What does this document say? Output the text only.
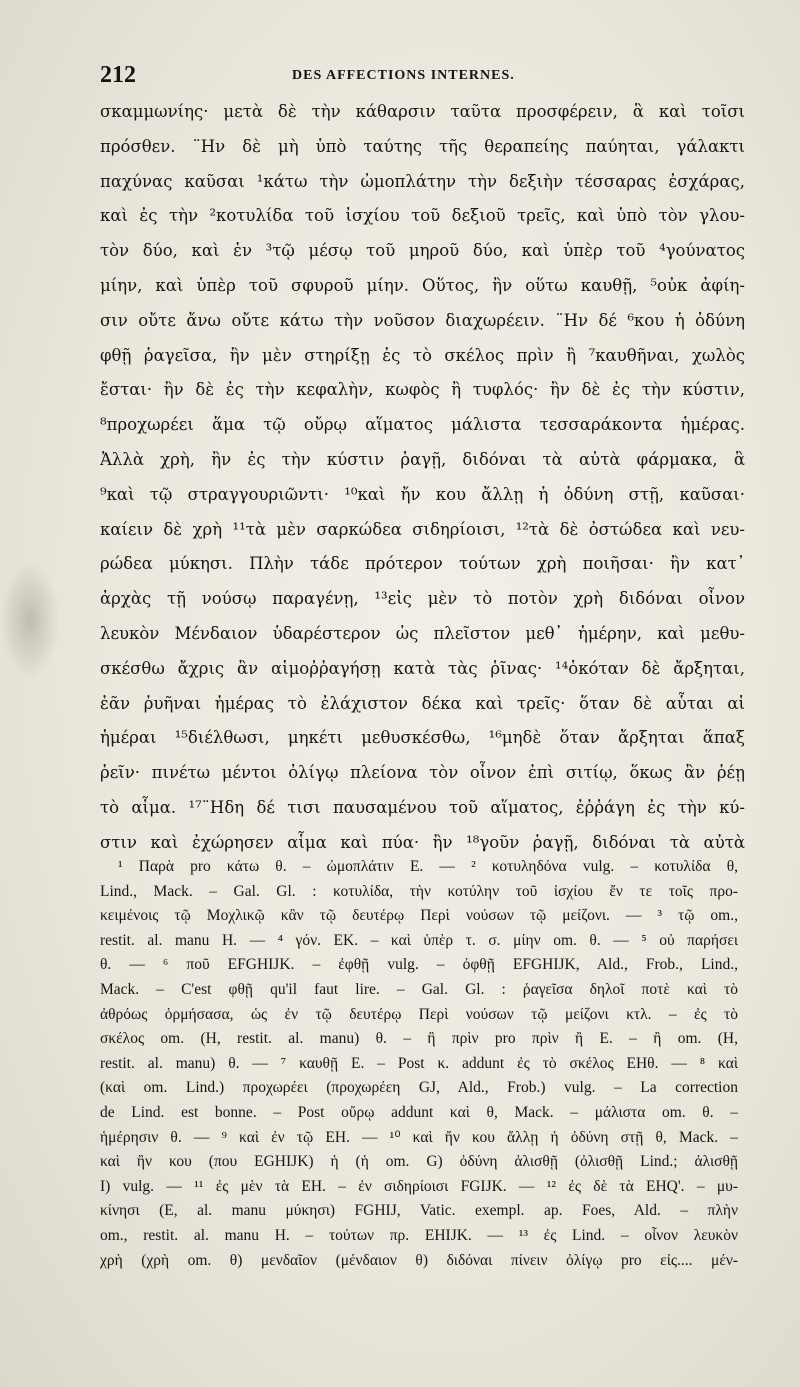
212	DES AFFECTIONS INTERNES.
σκαμμωνίης· μετὰ δὲ τὴν κάθαρσιν ταῦτα προσφέρειν, ἃ καὶ τοῖσι
πρόσθεν. ¨Ην δὲ μὴ ὑπὸ ταύτης τῆς θεραπείης παύηται, γάλακτι
παχύνας καῦσαι ¹κάτω τὴν ὠμοπλάτην τὴν δεξιὴν τέσσαρας ἐσχάρας,
καὶ ἐς τὴν ²κοτυλίδα τοῦ ἰσχίου τοῦ δεξιοῦ τρεῖς, καὶ ὑπὸ τὸν γλου-
τὸν δύο, καὶ ἐν ³τῷ μέσῳ τοῦ μηροῦ δύο, καὶ ὑπὲρ τοῦ ⁴γούνατος
μίην, καὶ ὑπὲρ τοῦ σφυροῦ μίην. Οὕτος, ἢν οὕτω καυθῇ, ⁵οὐκ ἀφίη-
σιν οὔτε ἄνω οὔτε κάτω τὴν νοῦσον διαχωρέειν. ¨Ην δέ ⁶κου ἡ ὀδύνη
φθῇ ῥαγεῖσα, ἢν μὲν στηρίξῃ ἐς τὸ σκέλος πρὶν ἢ ⁷καυθῆναι, χωλὸς
ἔσται· ἢν δὲ ἐς τὴν κεφαλὴν, κωφὸς ἢ τυφλός· ἢν δὲ ἐς τὴν κύστιν,
⁸προχωρέει ἅμα τῷ οὔρῳ αἵματος μάλιστα τεσσαράκοντα ἡμέρας.
Ἀλλὰ χρὴ, ἢν ἐς τὴν κύστιν ῥαγῇ, διδόναι τὰ αὐτὰ φάρμακα, ἃ
⁹καὶ τῷ στραγγουριῶντι· ¹⁰καὶ ἤν κου ἄλλῃ ἡ ὀδύνη στῇ, καῦσαι·
καίειν δὲ χρὴ ¹¹τὰ μὲν σαρκώδεα σιδηρίοισι, ¹²τὰ δὲ ὀστώδεα καὶ νευ-
ρώδεα μύκησι. Πλὴν τάδε πρότερον τούτων χρὴ ποιῆσαι· ἢν κατ᾿
ἀρχὰς τῇ νούσῳ παραγένῃ, ¹³εἰς μὲν τὸ ποτὸν χρὴ διδόναι οἶνον
λευκὸν Μένδαιον ὑδαρέστερον ὡς πλεῖστον μεθ᾿ ἡμέρην, καὶ μεθυ-
σκέσθω ἄχρις ἂν αἱμοῤῥαγήσῃ κατὰ τὰς ῥῖνας· ¹⁴ὁκόταν δὲ ἄρξηται,
ἐᾶν ῥυῆναι ἡμέρας τὸ ἐλάχιστον δέκα καὶ τρεῖς· ὅταν δὲ αὗται αἱ
ἡμέραι ¹⁵διέλθωσι, μηκέτι μεθυσκέσθω, ¹⁶μηδὲ ὅταν ἄρξηται ἅπαξ
ῥεῖν· πινέτω μέντοι ὀλίγῳ πλείονα τὸν οἶνον ἐπὶ σιτίῳ, ὅκως ἂν ῥέῃ
τὸ αἷμα. ¹⁷¨Ηδη δέ τισι παυσαμένου τοῦ αἵματος, ἐῤῥάγη ἐς τὴν κύ-
στιν καὶ ἐχώρησεν αἷμα καὶ πύα· ἢν ¹⁸γοῦν ῥαγῇ, διδόναι τὰ αὐτὰ
¹ Παρὰ pro κάτω θ. – ὠμοπλάτιν E. — ² κοτυληδόνα vulg. – κοτυλίδα θ,
Lind., Mack. – Gal. Gl. : κοτυλίδα, τὴν κοτύλην τοῦ ἰσχίου ἔν τε τοῖς προ-
κειμένοις τῷ Μοχλικῷ κἂν τῷ δευτέρῳ Περὶ νούσων τῷ μείζονι. — ³ τῷ om.,
restit. al. manu H. — ⁴ γόν. EK. – καὶ ὑπὲρ τ. σ. μίην om. θ. — ⁵ οὐ παρήσει
θ. — ⁶ ποῦ EFGHIJK. – ἐφθῇ vulg. – ὀφθῇ EFGHIJK, Ald., Frob., Lind.,
Mack. – C'est φθῇ qu'il faut lire. – Gal. Gl. : ῥαγεῖσα δηλοῖ ποτὲ καὶ τὸ
ἀθρόως ὁρμήσασα, ὡς ἐν τῷ δευτέρῳ Περὶ νούσων τῷ μείζονι κτλ. – ἐς τὸ
σκέλος om. (H, restit. al. manu) θ. – ἢ πρὶν pro πρὶν ἢ E. – ἢ om. (H,
restit. al. manu) θ. — ⁷ καυθῇ E. – Post κ. addunt ἐς τὸ σκέλος EHθ. — ⁸ καὶ
(καὶ om. Lind.) προχωρέει (προχωρέεη GJ, Ald., Frob.) vulg. – La correction
de Lind. est bonne. – Post οὔρῳ addunt καὶ θ, Mack. – μάλιστα om. θ. –
ἡμέρησιν θ. — ⁹ καὶ ἐν τῷ EH. — ¹⁰ καὶ ἤν κου ἄλλῃ ἡ ὀδύνη στῇ θ, Mack. –
καὶ ἢν κου (που EGHIJK) ἡ (ἡ om. G) ὀδύνη ἀλισθῇ (ὀλισθῇ Lind.; ἀλισθῇ
I) vulg. — ¹¹ ἐς μὲν τὰ EH. – ἐν σιδηρίοισι FGIJK. — ¹² ἐς δὲ τὰ EHQ'. – μυ-
κίνησι (E, al. manu μύκησι) FGHIJ, Vatic. exempl. ap. Foes, Ald. – πλὴν
om., restit. al. manu H. – τούτων πρ. EHIJK. — ¹³ ἐς Lind. – οἶνον λευκὸν
χρὴ (χρὴ om. θ) μενδαῖον (μένδαιον θ) διδόναι πίνειν ὀλίγῳ pro εἰς.... μέν-
